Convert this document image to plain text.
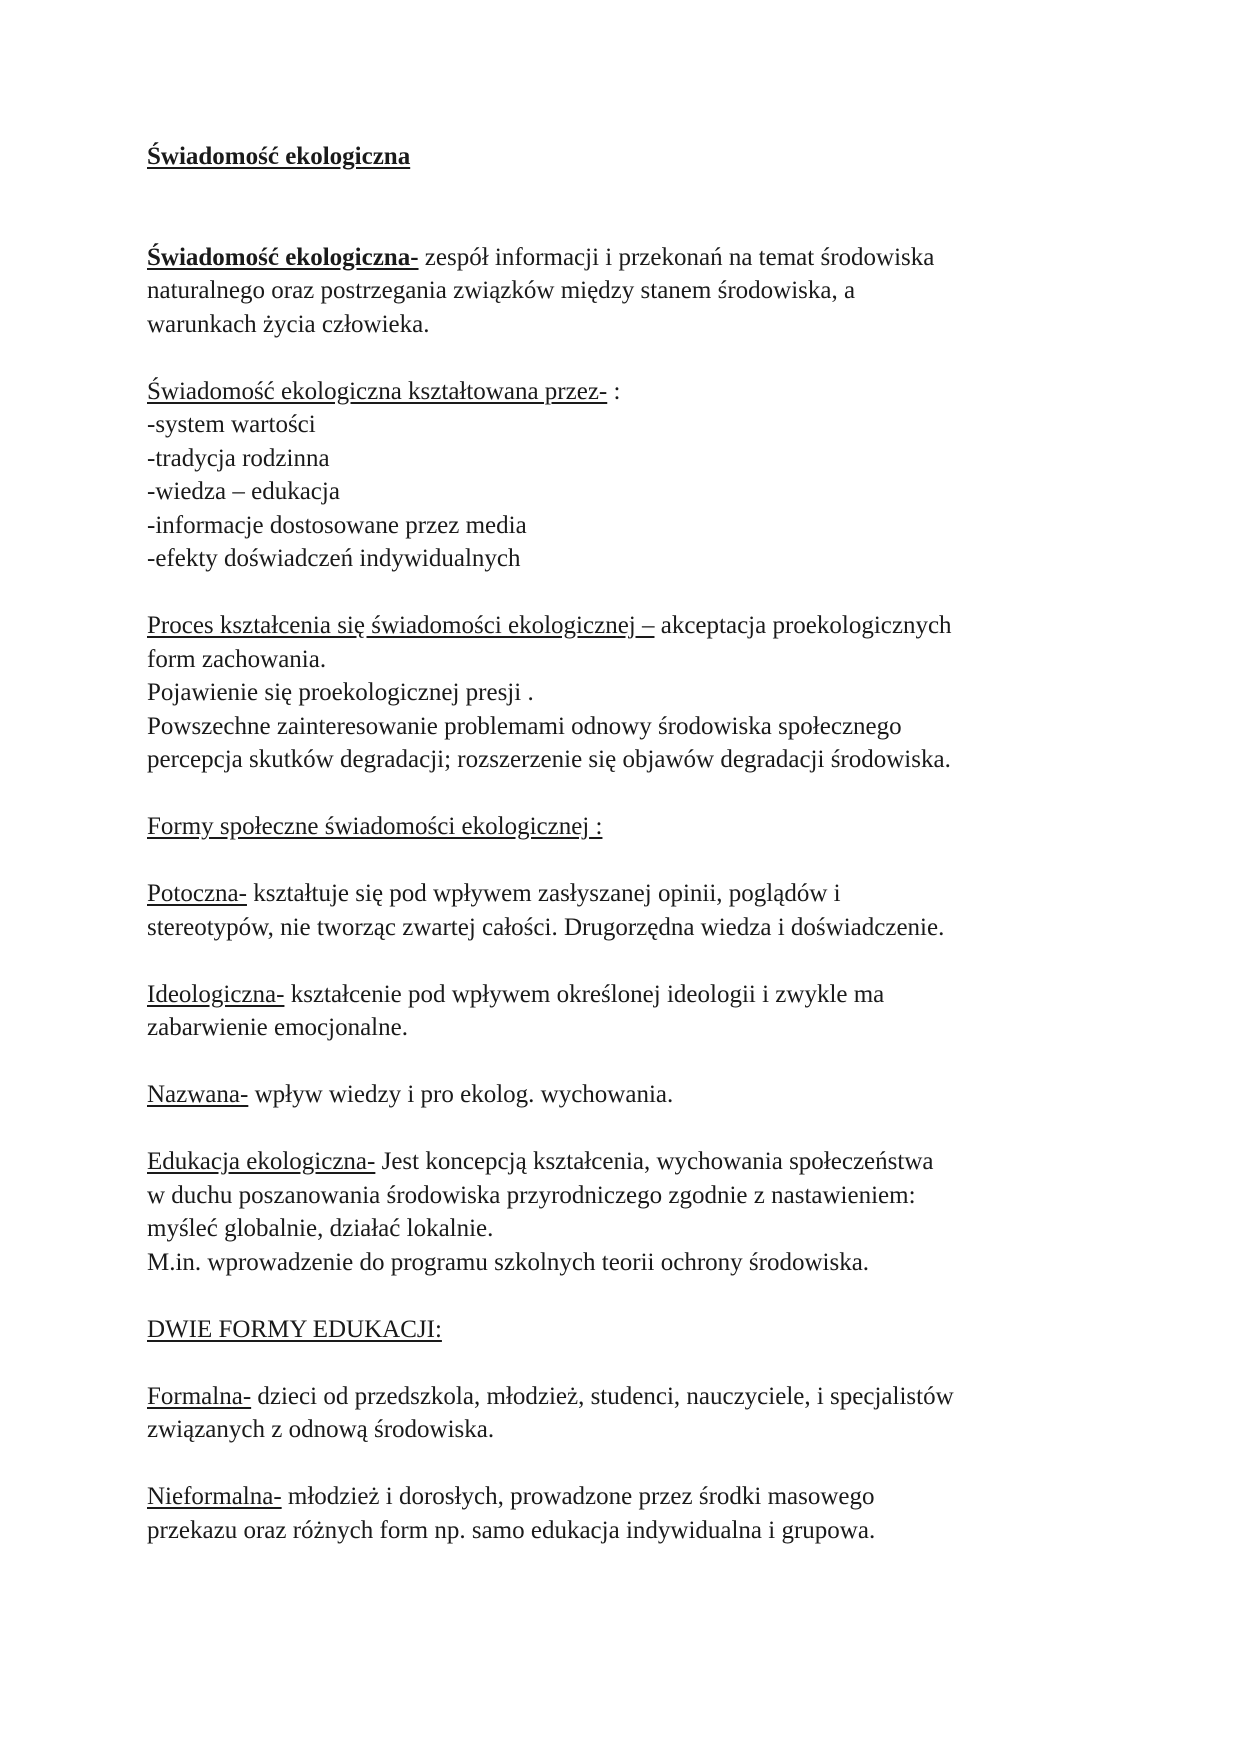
Świadomość ekologiczna
Świadomość ekologiczna- zespół informacji i przekonań na temat środowiska
naturalnego oraz postrzegania związków między stanem środowiska, a
warunkach życia człowieka.
Świadomość ekologiczna kształtowana przez- :
-system wartości
-tradycja rodzinna
-wiedza – edukacja
-informacje dostosowane przez media
-efekty doświadczeń indywidualnych
Proces kształcenia się świadomości ekologicznej – akceptacja proekologicznych
form zachowania.
Pojawienie się proekologicznej presji .
Powszechne zainteresowanie problemami odnowy środowiska społecznego
percepcja skutków degradacji; rozszerzenie się objawów degradacji środowiska.
Formy społeczne świadomości ekologicznej :
Potoczna- kształtuje się pod wpływem zasłyszanej opinii, poglądów i
stereotypów, nie tworząc zwartej całości. Drugorzędna wiedza i doświadczenie.
Ideologiczna- kształcenie pod wpływem określonej ideologii i zwykle ma
zabarwienie emocjonalne.
Nazwana- wpływ wiedzy i pro ekolog. wychowania.
Edukacja ekologiczna- Jest koncepcją kształcenia, wychowania społeczeństwa
w duchu poszanowania środowiska przyrodniczego zgodnie z nastawieniem:
myśleć globalnie, działać lokalnie.
M.in. wprowadzenie do programu szkolnych teorii ochrony środowiska.
DWIE FORMY EDUKACJI:
Formalna- dzieci od przedszkola, młodzież, studenci, nauczyciele, i specjalistów
związanych z odnową środowiska.
Nieformalna- młodzież i dorosłych, prowadzone przez środki masowego
przekazu oraz różnych form np. samo edukacja indywidualna i grupowa.
